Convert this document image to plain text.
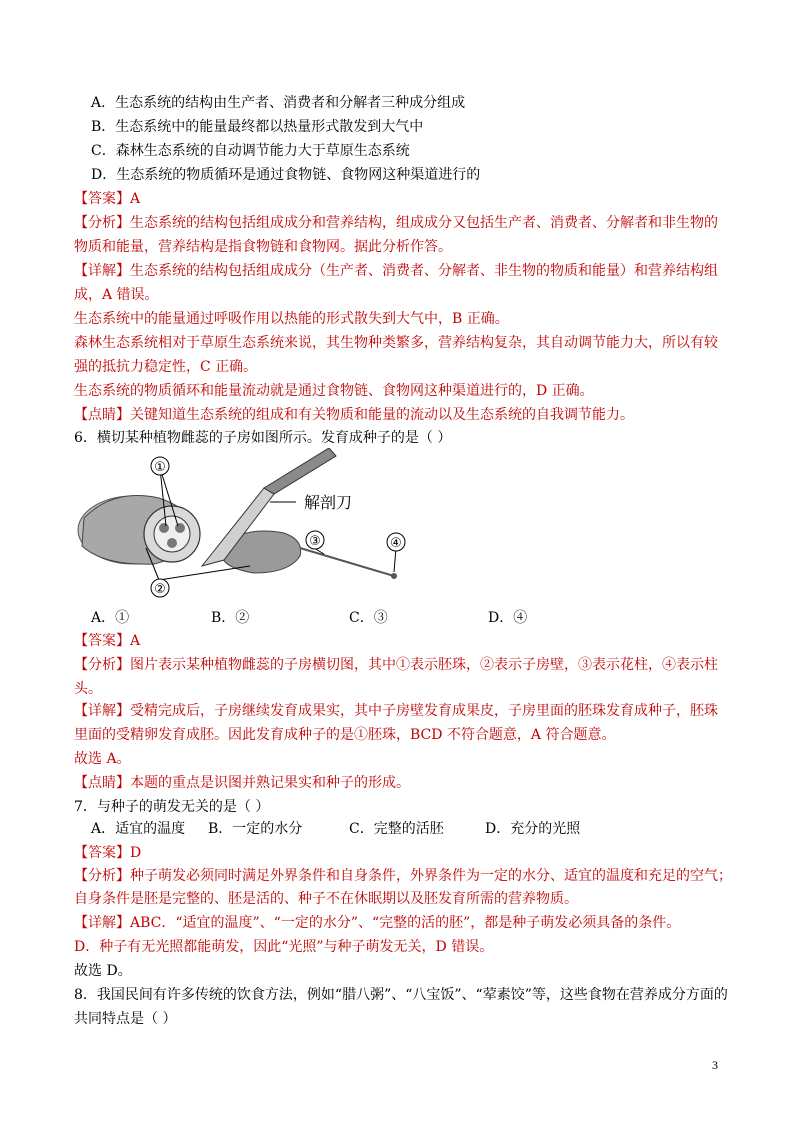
A．生态系统的结构由生产者、消费者和分解者三种成分组成
B．生态系统中的能量最终都以热量形式散发到大气中
C．森林生态系统的自动调节能力大于草原生态系统
D．生态系统的物质循环是通过食物链、食物网这种渠道进行的
【答案】A
【分析】生态系统的结构包括组成成分和营养结构，组成成分又包括生产者、消费者、分解者和非生物的
物质和能量，营养结构是指食物链和食物网。据此分析作答。
【详解】生态系统的结构包括组成成分（生产者、消费者、分解者、非生物的物质和能量）和营养结构组
成，A 错误。
生态系统中的能量通过呼吸作用以热能的形式散失到大气中，B 正确。
森林生态系统相对于草原生态系统来说，其生物种类繁多，营养结构复杂，其自动调节能力大，所以有较
强的抵抗力稳定性，C 正确。
生态系统的物质循环和能量流动就是通过食物链、食物网这种渠道进行的，D 正确。
【点睛】关键知道生态系统的组成和有关物质和能量的流动以及生态系统的自我调节能力。
6．横切某种植物雌蕊的子房如图所示。发育成种子的是（ ）
①
②
③	④
解剖刀
A．①	B．②	C．③	D．④
【答案】A
【分析】图片表示某种植物雌蕊的子房横切图，其中①表示胚珠，②表示子房壁，③表示花柱，④表示柱
头。
【详解】受精完成后，子房继续发育成果实，其中子房壁发育成果皮，子房里面的胚珠发育成种子，胚珠
里面的受精卵发育成胚。因此发育成种子的是①胚珠，BCD 不符合题意，A 符合题意。
故选 A。
【点睛】本题的重点是识图并熟记果实和种子的形成。
7．与种子的萌发无关的是（ ）
A．适宜的温度 B．一定的水分	C．完整的活胚	D．充分的光照
【答案】D
【分析】种子萌发必须同时满足外界条件和自身条件，外界条件为一定的水分、适宜的温度和充足的空气；
自身条件是胚是完整的、胚是活的、种子不在休眠期以及胚发育所需的营养物质。
【详解】ABC．“适宜的温度”、“一定的水分”、“完整的活的胚”，都是种子萌发必须具备的条件。
D．种子有无光照都能萌发，因此“光照”与种子萌发无关，D 错误。
故选 D。
8．我国民间有许多传统的饮食方法，例如“腊八粥”、“八宝饭”、“荤素饺”等，这些食物在营养成分方面的
共同特点是（ ）
3
